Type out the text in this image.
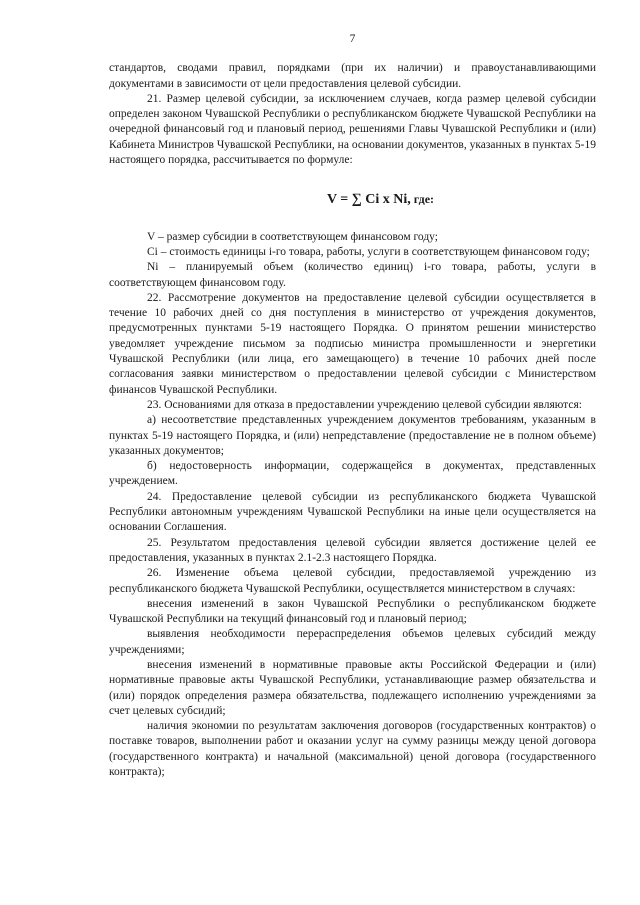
7

стандартов, сводами правил, порядками (при их наличии) и правоустанавливающими документами в зависимости от цели предоставления целевой субсидии.

21. Размер целевой субсидии, за исключением случаев, когда размер целевой субсидии определен законом Чувашской Республики о республиканском бюджете Чувашской Республики на очередной финансовый год и плановый период, решениями Главы Чувашской Республики и (или) Кабинета Министров Чувашской Республики, на основании документов, указанных в пунктах 5-19 настоящего порядка, рассчитывается по формуле:

V = ∑ Ci x Ni, где:

V – размер субсидии в соответствующем финансовом году;

Сi – стоимость единицы i-го товара, работы, услуги в соответствующем финансовом году;

Ni – планируемый объем (количество единиц) i-го товара, работы, услуги в соответствующем финансовом году.

22. Рассмотрение документов на предоставление целевой субсидии осуществляется в течение 10 рабочих дней со дня поступления в министерство от учреждения документов, предусмотренных пунктами 5-19 настоящего Порядка. О принятом решении министерство уведомляет учреждение письмом за подписью министра промышленности и энергетики Чувашской Республики (или лица, его замещающего) в течение 10 рабочих дней после согласования заявки министерством о предоставлении целевой субсидии с Министерством финансов Чувашской Республики.

23. Основаниями для отказа в предоставлении учреждению целевой субсидии являются:

а) несоответствие представленных учреждением документов требованиям, указанным в пунктах 5-19 настоящего Порядка, и (или) непредставление (предоставление не в полном объеме) указанных документов;

б) недостоверность информации, содержащейся в документах, представленных учреждением.

24. Предоставление целевой субсидии из республиканского бюджета Чувашской Республики автономным учреждениям Чувашской Республики на иные цели осуществляется на основании Соглашения.

25. Результатом предоставления целевой субсидии является достижение целей ее предоставления, указанных в пунктах 2.1-2.3 настоящего Порядка.

26. Изменение объема целевой субсидии, предоставляемой учреждению из республиканского бюджета Чувашской Республики, осуществляется министерством в случаях:

внесения изменений в закон Чувашской Республики о республиканском бюджете Чувашской Республики на текущий финансовый год и плановый период;

выявления необходимости перераспределения объемов целевых субсидий между учреждениями;

внесения изменений в нормативные правовые акты Российской Федерации и (или) нормативные правовые акты Чувашской Республики, устанавливающие размер обязательства и (или) порядок определения размера обязательства, подлежащего исполнению учреждениями за счет целевых субсидий;

наличия экономии по результатам заключения договоров (государственных контрактов) о поставке товаров, выполнении работ и оказании услуг на сумму разницы между ценой договора (государственного контракта) и начальной (максимальной) ценой договора (государственного контракта);
